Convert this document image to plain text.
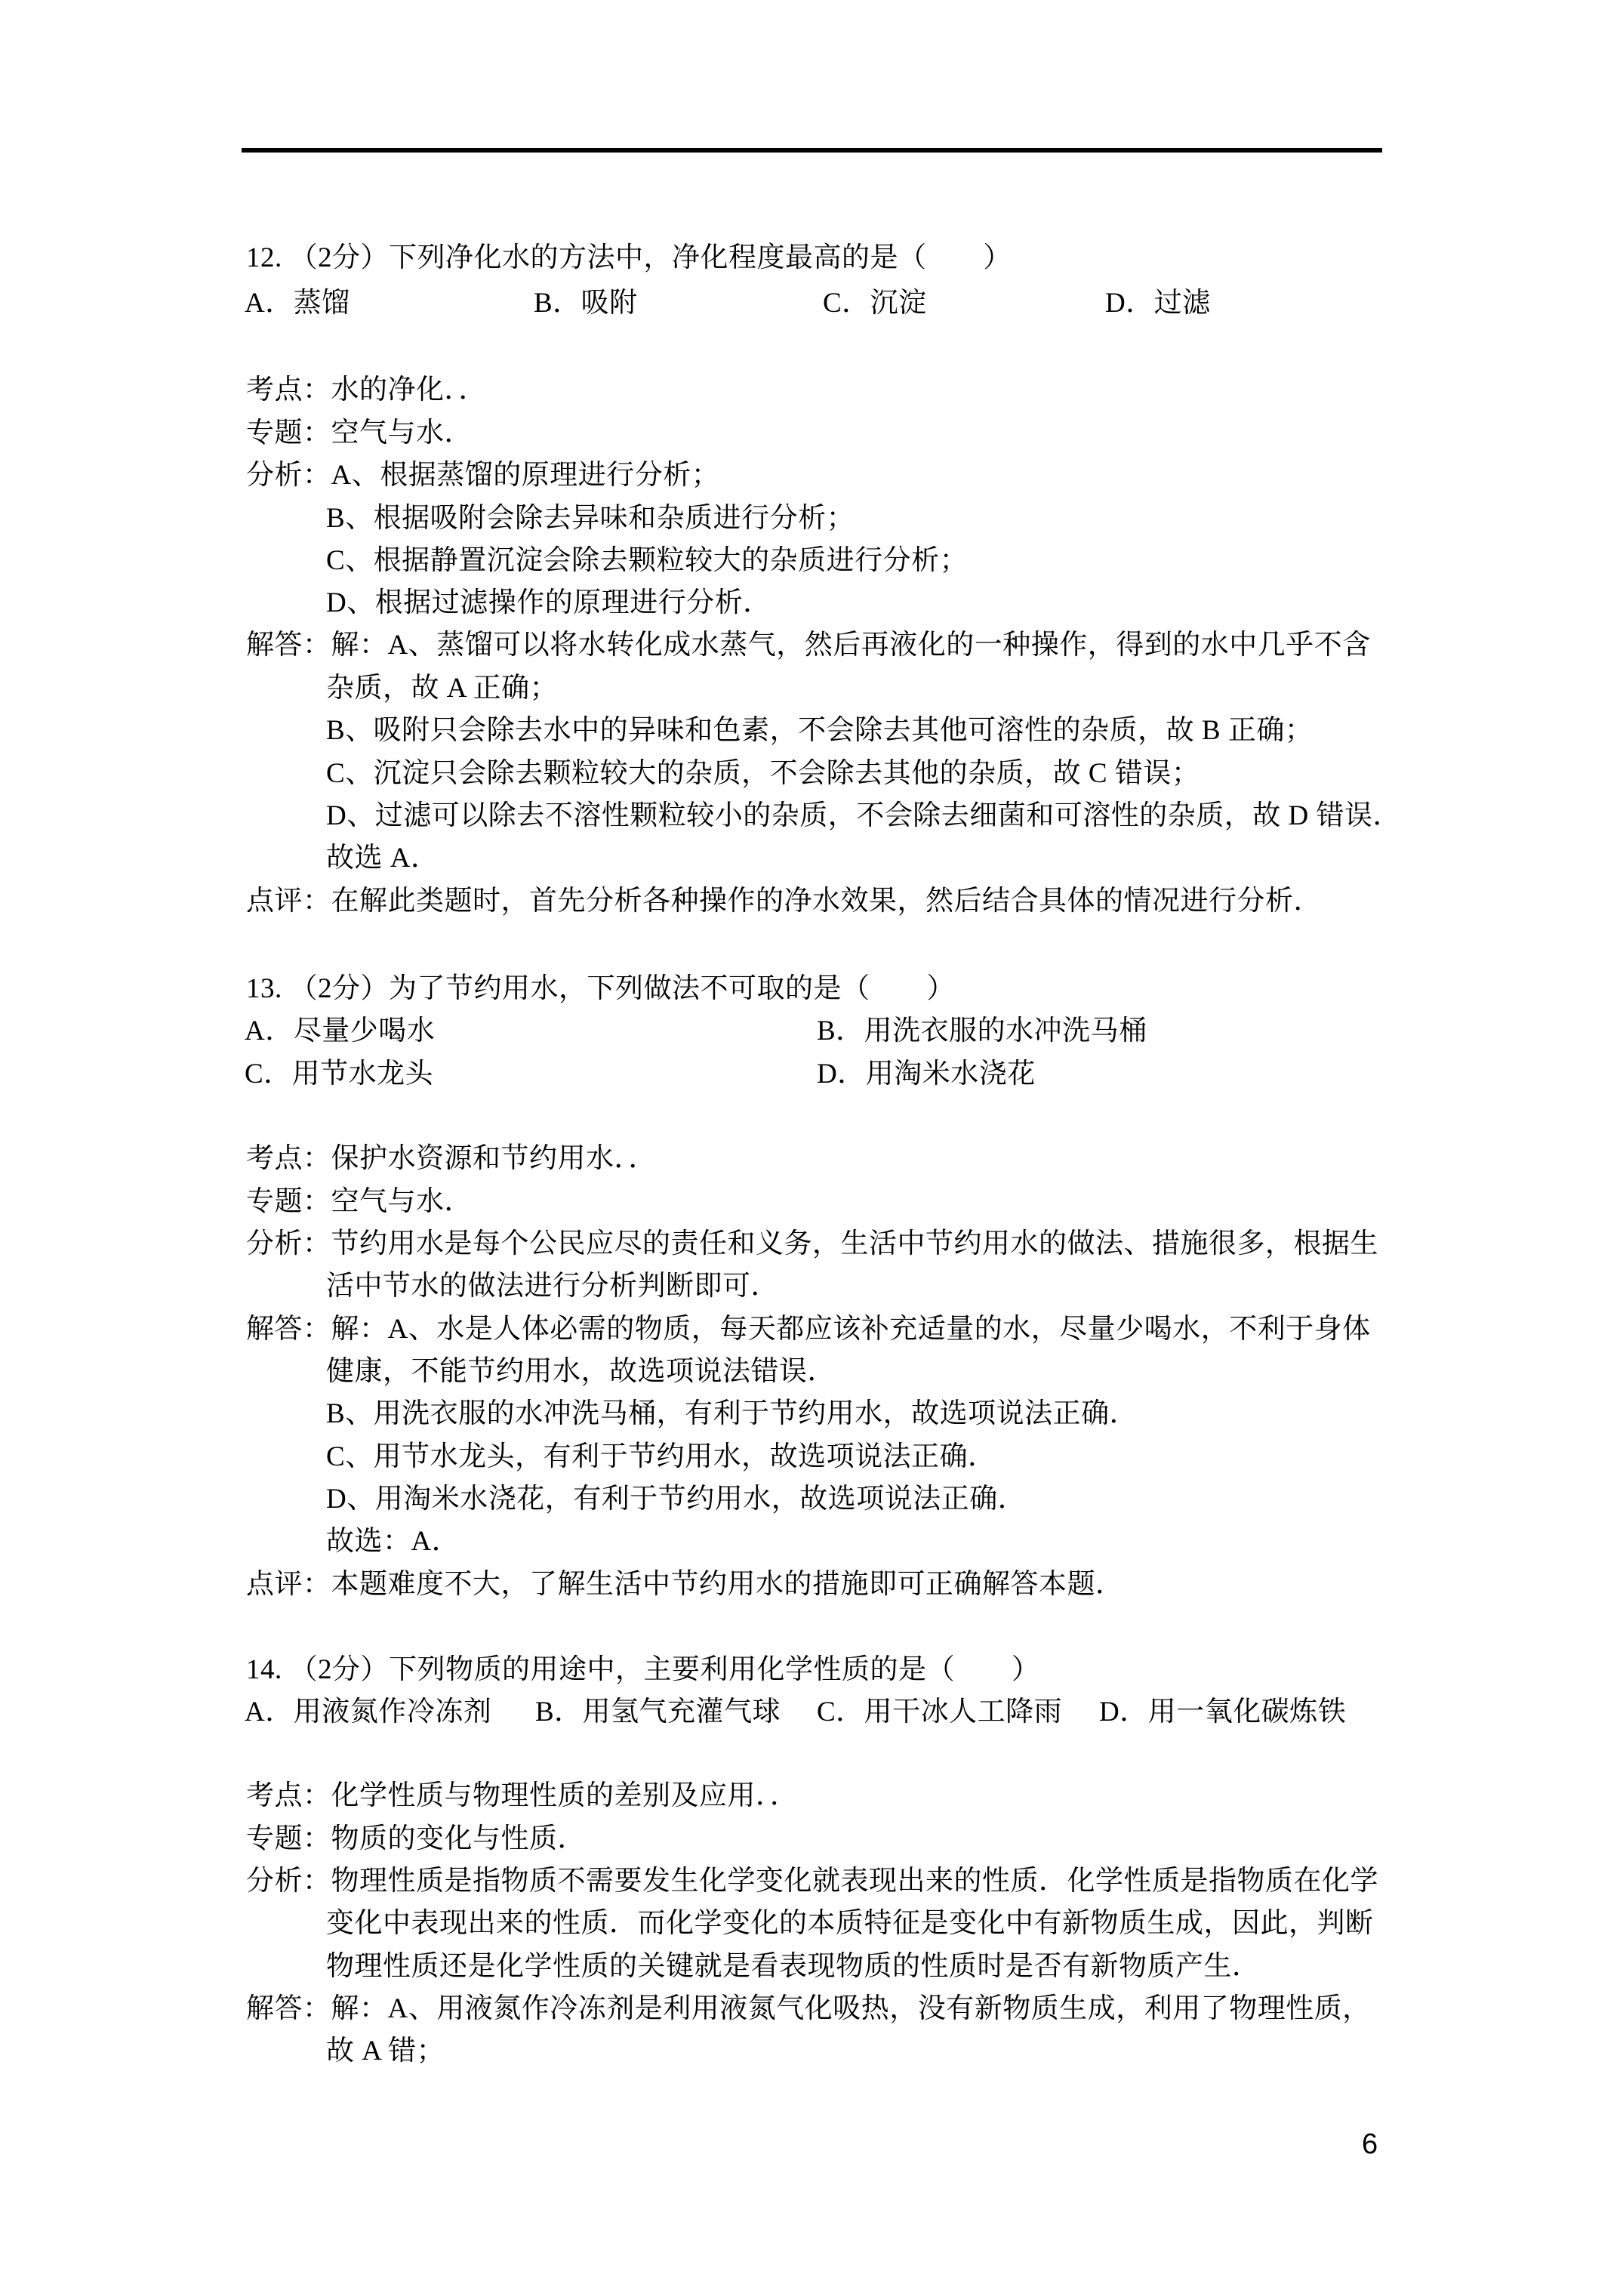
12. （2分）下列净化水的方法中，净化程度最高的是（　　）
A．蒸馏	B．吸附	C．沉淀	D．过滤
考点：水的净化．．
专题：空气与水．
分析：A、根据蒸馏的原理进行分析；
B、根据吸附会除去异味和杂质进行分析；
C、根据静置沉淀会除去颗粒较大的杂质进行分析；
D、根据过滤操作的原理进行分析．
解答：解：A、蒸馏可以将水转化成水蒸气，然后再液化的一种操作，得到的水中几乎不含
杂质，故 A 正确；
B、吸附只会除去水中的异味和色素，不会除去其他可溶性的杂质，故 B 正确；
C、沉淀只会除去颗粒较大的杂质，不会除去其他的杂质，故 C 错误；
D、过滤可以除去不溶性颗粒较小的杂质，不会除去细菌和可溶性的杂质，故 D 错误．
故选 A．
点评：在解此类题时，首先分析各种操作的净水效果，然后结合具体的情况进行分析．
13. （2分）为了节约用水，下列做法不可取的是（　　）
A．尽量少喝水	B．用洗衣服的水冲洗马桶
C．用节水龙头	D．用淘米水浇花
考点：保护水资源和节约用水．．
专题：空气与水．
分析：节约用水是每个公民应尽的责任和义务，生活中节约用水的做法、措施很多，根据生
活中节水的做法进行分析判断即可．
解答：解：A、水是人体必需的物质，每天都应该补充适量的水，尽量少喝水，不利于身体
健康，不能节约用水，故选项说法错误．
B、用洗衣服的水冲洗马桶，有利于节约用水，故选项说法正确．
C、用节水龙头，有利于节约用水，故选项说法正确．
D、用淘米水浇花，有利于节约用水，故选项说法正确．
故选：A．
点评：本题难度不大，了解生活中节约用水的措施即可正确解答本题．
14. （2分）下列物质的用途中，主要利用化学性质的是（　　）
A．用液氮作冷冻剂 B．用氢气充灌气球 C．用干冰人工降雨 D．用一氧化碳炼铁
考点：化学性质与物理性质的差别及应用．．
专题：物质的变化与性质．
分析：物理性质是指物质不需要发生化学变化就表现出来的性质．化学性质是指物质在化学
变化中表现出来的性质．而化学变化的本质特征是变化中有新物质生成，因此，判断
物理性质还是化学性质的关键就是看表现物质的性质时是否有新物质产生．
解答：解：A、用液氮作冷冻剂是利用液氮气化吸热，没有新物质生成，利用了物理性质，
故 A 错；
6
